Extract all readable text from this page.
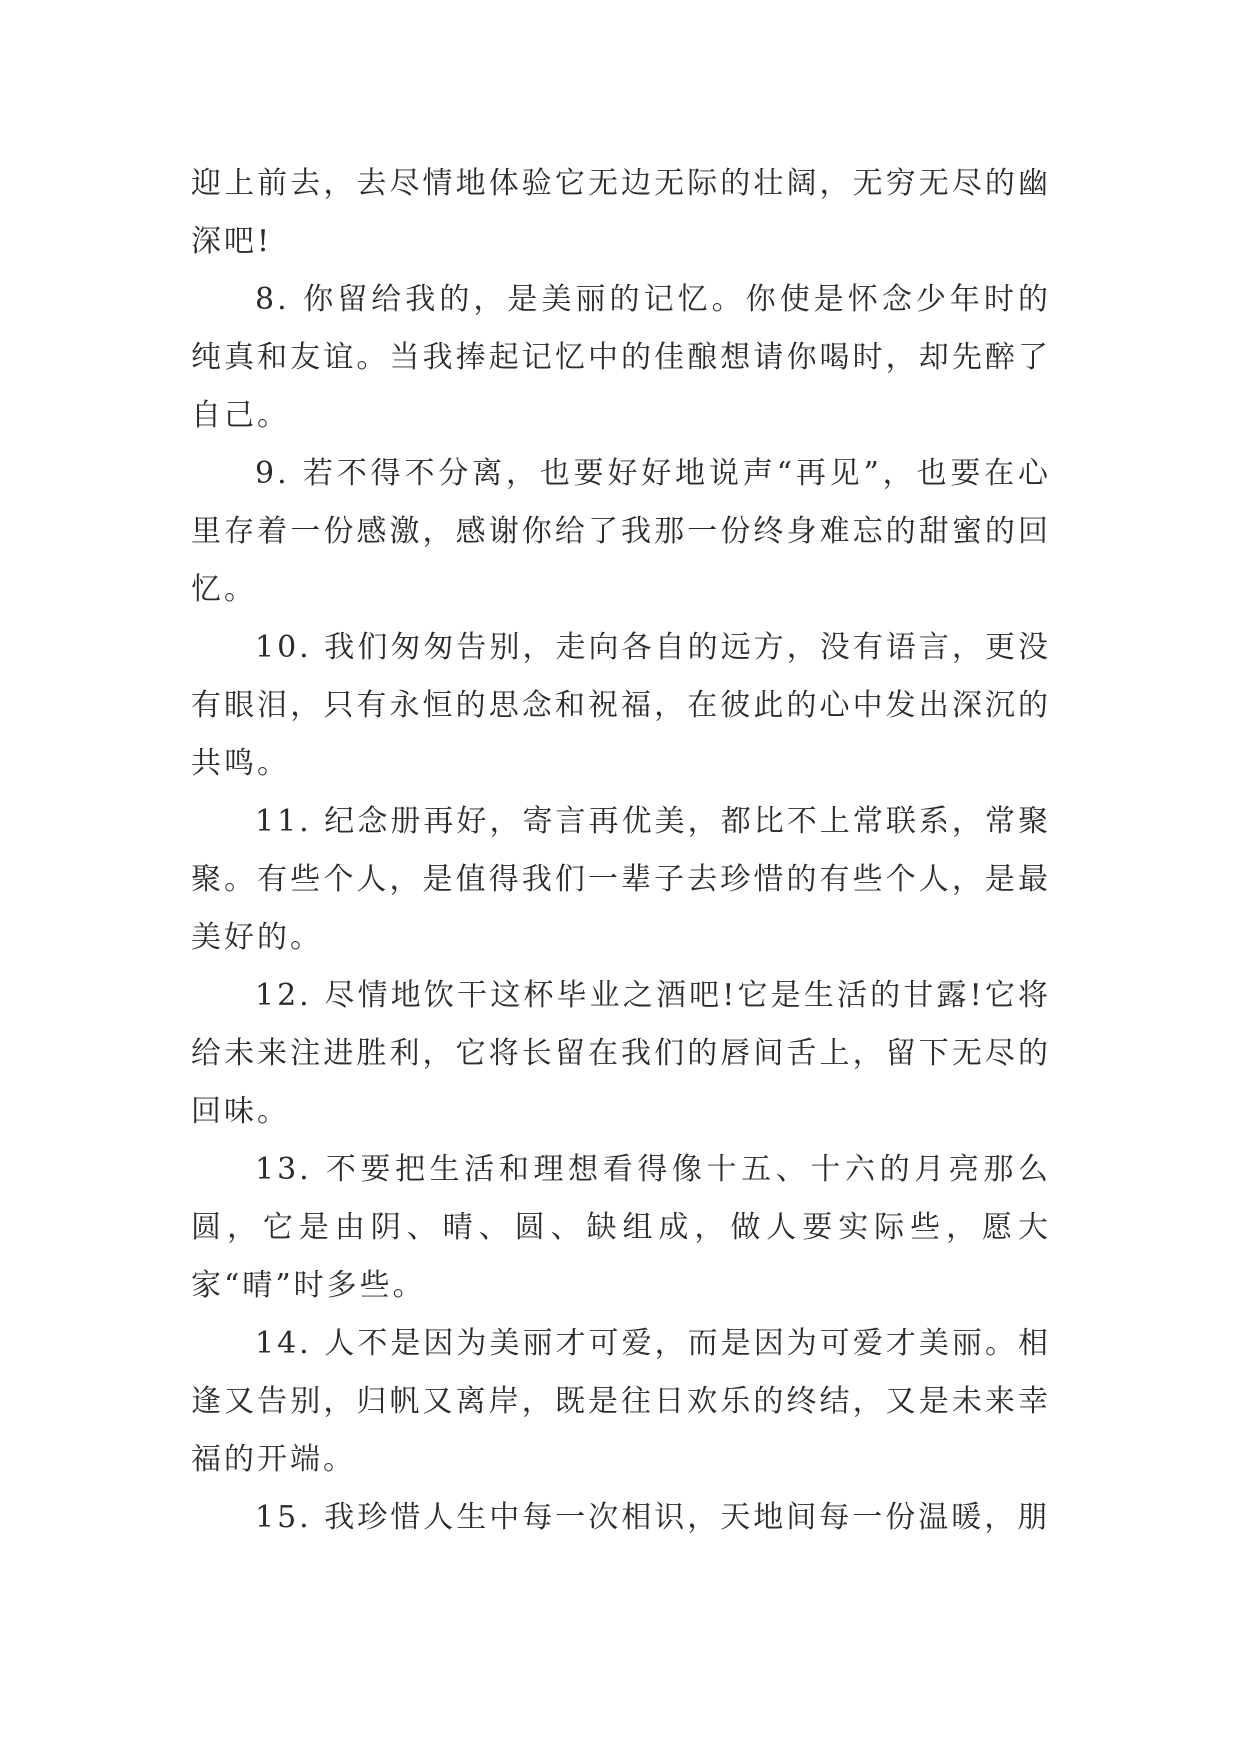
迎上前去，去尽情地体验它无边无际的壮阔，无穷无尽的幽深吧!

8. 你留给我的，是美丽的记忆。你使是怀念少年时的纯真和友谊。当我捧起记忆中的佳酿想请你喝时，却先醉了自己。

9. 若不得不分离，也要好好地说声“再见”，也要在心里存着一份感激，感谢你给了我那一份终身难忘的甜蜜的回忆。

10. 我们匆匆告别，走向各自的远方，没有语言，更没有眼泪，只有永恒的思念和祝福，在彼此的心中发出深沉的共鸣。

11. 纪念册再好，寄言再优美，都比不上常联系，常聚聚。有些个人，是值得我们一辈子去珍惜的有些个人，是最美好的。

12. 尽情地饮干这杯毕业之酒吧!它是生活的甘露!它将给未来注进胜利，它将长留在我们的唇间舌上，留下无尽的回味。

13. 不要把生活和理想看得像十五、十六的月亮那么圆，它是由阴、晴、圆、缺组成，做人要实际些，愿大家“晴”时多些。

14. 人不是因为美丽才可爱，而是因为可爱才美丽。相逢又告别，归帆又离岸，既是往日欢乐的终结，又是未来幸福的开端。

15. 我珍惜人生中每一次相识，天地间每一份温暖，朋
